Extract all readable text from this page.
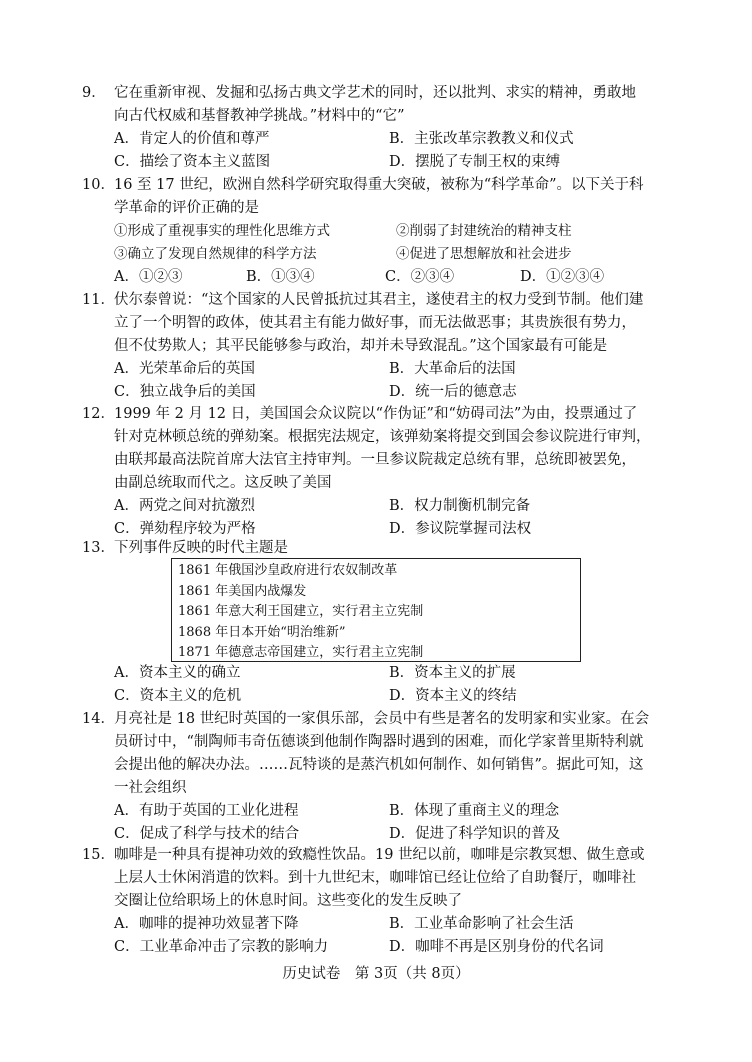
9． 它在重新审视、发掘和弘扬古典文学艺术的同时，还以批判、求实的精神，勇敢地
向古代权威和基督教神学挑战。”材料中的“它”
A．肯定人的价值和尊严	B．主张改革宗教教义和仪式
C．描绘了资本主义蓝图	D．摆脱了专制王权的束缚
10．16 至 17 世纪，欧洲自然科学研究取得重大突破，被称为“科学革命”。以下关于科
学革命的评价正确的是
①形成了重视事实的理性化思维方式	②削弱了封建统治的精神支柱
③确立了发现自然规律的科学方法	④促进了思想解放和社会进步
A．①②③	B．①③④	C．②③④	D．①②③④
11．伏尔泰曾说：“这个国家的人民曾抵抗过其君主，遂使君主的权力受到节制。他们建
立了一个明智的政体，使其君主有能力做好事，而无法做恶事；其贵族很有势力，
但不仗势欺人；其平民能够参与政治，却并未导致混乱。”这个国家最有可能是
A．光荣革命后的英国	B．大革命后的法国
C．独立战争后的美国	D．统一后的德意志
12．1999 年 2 月 12 日，美国国会众议院以“作伪证”和“妨碍司法”为由，投票通过了
针对克林顿总统的弹劾案。根据宪法规定，该弹劾案将提交到国会参议院进行审判，
由联邦最高法院首席大法官主持审判。一旦参议院裁定总统有罪，总统即被罢免，
由副总统取而代之。这反映了美国
A．两党之间对抗激烈	B．权力制衡机制完备
C．弹劾程序较为严格	D．参议院掌握司法权
13．下列事件反映的时代主题是
1861 年俄国沙皇政府进行农奴制改革
1861 年美国内战爆发
1861 年意大利王国建立，实行君主立宪制
1868 年日本开始“明治维新”
1871 年德意志帝国建立，实行君主立宪制
A．资本主义的确立	B．资本主义的扩展
C．资本主义的危机	D．资本主义的终结
14．月亮社是 18 世纪时英国的一家俱乐部，会员中有些是著名的发明家和实业家。在会
员研讨中，“制陶师韦奇伍德谈到他制作陶器时遇到的困难，而化学家普里斯特利就
会提出他的解决办法。……瓦特谈的是蒸汽机如何制作、如何销售”。据此可知，这
一社会组织
A．有助于英国的工业化进程	B．体现了重商主义的理念
C．促成了科学与技术的结合	D．促进了科学知识的普及
15．咖啡是一种具有提神功效的致瘾性饮品。19 世纪以前，咖啡是宗教冥想、做生意或
上层人士休闲消遣的饮料。到十九世纪末，咖啡馆已经让位给了自助餐厅，咖啡社
交圈让位给职场上的休息时间。这些变化的发生反映了
A．咖啡的提神功效显著下降	B．工业革命影响了社会生活
C．工业革命冲击了宗教的影响力	D．咖啡不再是区别身份的代名词
历史试卷　第 3页（共 8页）
